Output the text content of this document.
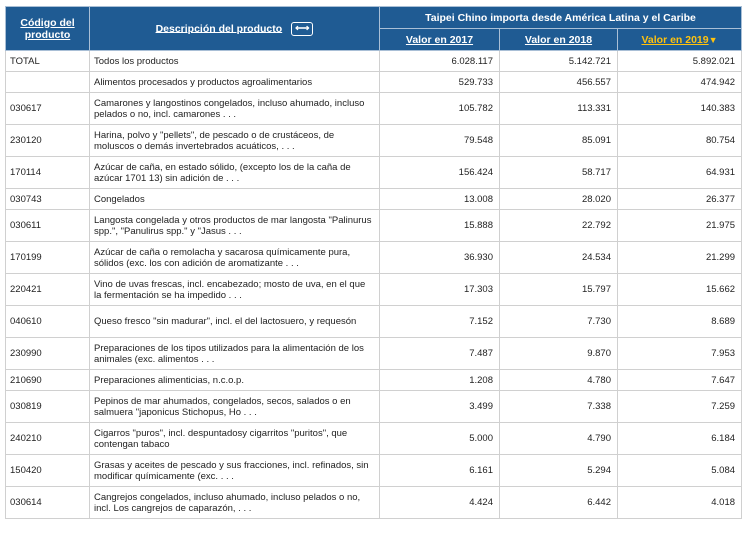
Código del producto	Descripción del producto ⟷	Taipei Chino importa desde América Latina y el Caribe		
		Valor en 2017	Valor en 2018	Valor en 2019▼
TOTAL	Todos los productos	6.028.117	5.142.721	5.892.021
	Alimentos procesados y productos agroalimentarios	529.733	456.557	474.942
030617	Camarones y langostinos congelados, incluso ahumado, incluso pelados o no, incl. camarones . . .	105.782	113.331	140.383
230120	Harina, polvo y "pellets", de pescado o de crustáceos, de moluscos o demás invertebrados acuáticos, . . .	79.548	85.091	80.754
170114	Azúcar de caña, en estado sólido, (excepto los de la caña de azúcar 1701 13) sin adición de . . .	156.424	58.717	64.931
030743	Congelados	13.008	28.020	26.377
030611	Langosta congelada y otros productos de mar langosta "Palinurus spp.", "Panulirus spp." y "Jasus . . .	15.888	22.792	21.975
170199	Azúcar de caña o remolacha y sacarosa químicamente pura, sólidos (exc. los con adición de aromatizante . . .	36.930	24.534	21.299
220421	Vino de uvas frescas, incl. encabezado; mosto de uva, en el que la fermentación se ha impedido . . .	17.303	15.797	15.662
040610	Queso fresco "sin madurar", incl. el del lactosuero, y requesón	7.152	7.730	8.689
230990	Preparaciones de los tipos utilizados para la alimentación de los animales (exc. alimentos . . .	7.487	9.870	7.953
210690	Preparaciones alimenticias, n.c.o.p.	1.208	4.780	7.647
030819	Pepinos de mar ahumados, congelados, secos, salados o en salmuera "japonicus Stichopus, Ho . . .	3.499	7.338	7.259
240210	Cigarros "puros", incl. despuntadosy cigarritos "puritos", que contengan tabaco	5.000	4.790	6.184
150420	Grasas y aceites de pescado y sus fracciones, incl. refinados, sin modificar químicamente (exc. . . .	6.161	5.294	5.084
030614	Cangrejos congelados, incluso ahumado, incluso pelados o no, incl. Los cangrejos de caparazón, . . .	4.424	6.442	4.018
